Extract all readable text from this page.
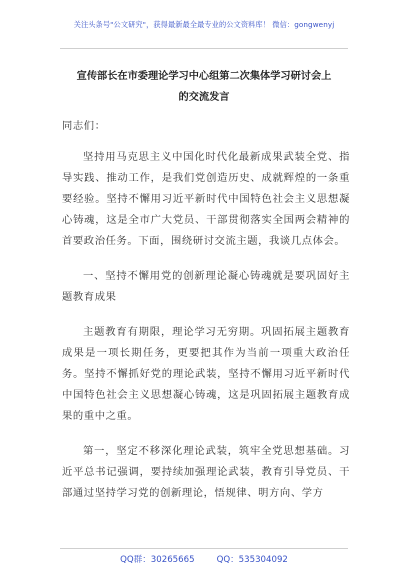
关注头条号"公文研究"，获得最新最全最专业的公文资料库！ 微信：gongwenyj
宣传部长在市委理论学习中心组第二次集体学习研讨会上
的交流发言

同志们：

坚持用马克思主义中国化时代化最新成果武装全党、指导实践、推动工作，是我们党创造历史、成就辉煌的一条重要经验。坚持不懈用习近平新时代中国特色社会主义思想凝心铸魂，这是全市广大党员、干部贯彻落实全国两会精神的首要政治任务。下面，围绕研讨交流主题，我谈几点体会。

一、坚持不懈用党的创新理论凝心铸魂就是要巩固好主题教育成果

主题教育有期限，理论学习无穷期。巩固拓展主题教育成果是一项长期任务，更要把其作为当前一项重大政治任务。坚持不懈抓好党的理论武装，坚持不懈用习近平新时代中国特色社会主义思想凝心铸魂，这是巩固拓展主题教育成果的重中之重。

第一，坚定不移深化理论武装，筑牢全党思想基础。习近平总书记强调，要持续加强理论武装，教育引导党员、干部通过坚持学习党的创新理论，悟规律、明方向、学方

QQ群：30265665	QQ：535304092
